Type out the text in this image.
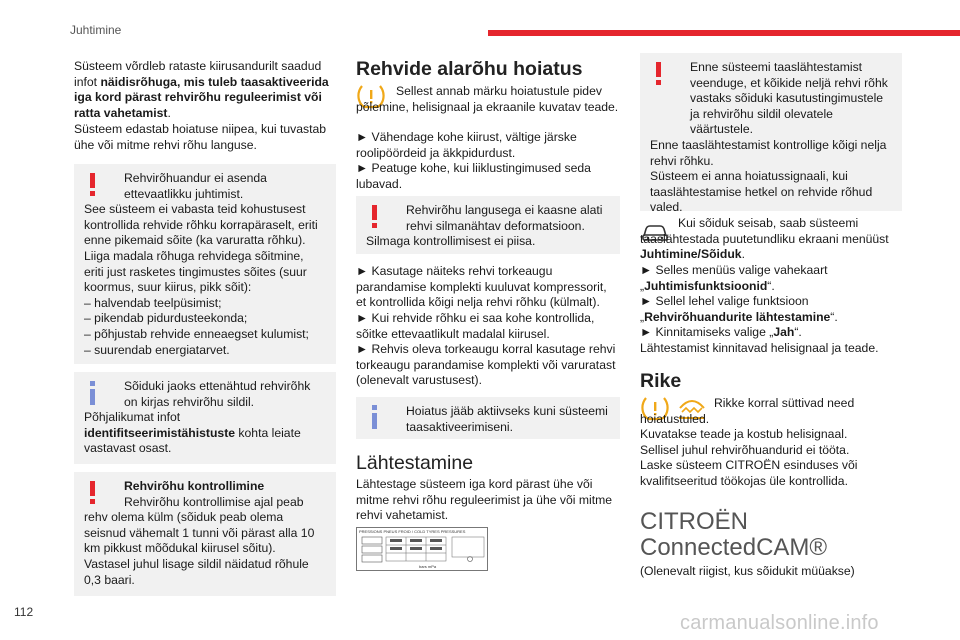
Juhtimine
112	carmanualsonline.info

Süsteem võrdleb rataste kiirusandurilt saadud infot näidisrõhuga, mis tuleb taasaktiveerida iga kord pärast rehvirõhu reguleerimist või ratta vahetamist.

Süsteem edastab hoiatuse niipea, kui tuvastab ühe või mitme rehvi rõhu languse.

Rehvirõhuandur ei asenda ettevaatlikku juhtimist.

See süsteem ei vabasta teid kohustusest kontrollida rehvide rõhku korrapäraselt, eriti enne pikemaid sõite (ka varuratta rõhku).

Liiga madala rõhuga rehvidega sõitmine, eriti just rasketes tingimustes sõites (suur koormus, suur kiirus, pikk sõit):

– halvendab teelpüsimist;

– pikendab pidurdusteekonda;

– põhjustab rehvide enneaegset kulumist;

– suurendab energiatarvet.

Sõiduki jaoks ettenähtud rehvirõhk on kirjas rehvirõhu sildil.

Põhjalikumat infot

identifitseerimistähistuste kohta leiate vastavast osast.

Rehvirõhu kontrollimine

Rehvirõhu kontrollimise ajal peab rehv olema külm (sõiduk peab olema seisnud vähemalt 1 tunni või pärast alla 10 km pikkust mõõdukal kiirusel sõitu).

Vastasel juhul lisage sildil näidatud rõhule 0,3 baari.

Rehvide alarõhu hoiatus

Sellest annab märku hoiatustule pidev põlemine, helisignaal ja ekraanile kuvatav teade.

► Vähendage kohe kiirust, vältige järske roolipöördeid ja äkkpidurdust.

► Peatuge kohe, kui liiklustingimused seda lubavad.

Rehvirõhu langusega ei kaasne alati rehvi silmanähtav deformatsioon.

Silmaga kontrollimisest ei piisa.

► Kasutage näiteks rehvi torkeaugu parandamise komplekti kuuluvat kompressorit, et kontrollida kõigi nelja rehvi rõhku (külmalt).

► Kui rehvide rõhku ei saa kohe kontrollida, sõitke ettevaatlikult madalal kiirusel.

► Rehvis oleva torkeaugu korral kasutage rehvi torkeaugu parandamise komplekti või varuratast (olenevalt varustusest).

Hoiatus jääb aktiivseks kuni süsteemi taasaktiveerimiseni.

Lähtestamine

Lähtestage süsteem iga kord pärast ühe või mitme rehvi rõhu reguleerimist ja ühe või mitme rehvi vahetamist.

PRESSIONS PNEUS FROID / COLD TYRES PRESSURES
bars mPa

Enne süsteemi taaslähtestamist veenduge, et kõikide neljä rehvi rõhk vastaks sõiduki kasutustingimustele ja rehvirõhu sildil olevatele väärtustele.

Enne taaslähtestamist kontrollige kõigi nelja rehvi rõhku.

Süsteem ei anna hoiatussignaali, kui taaslähtestamise hetkel on rehvide rõhud valed.

Kui sõiduk seisab, saab süsteemi taaslähtestada puutetundliku ekraani menüüst Juhtimine/Sõiduk.

► Selles menüüs valige vahekaart „Juhtimisfunktsioonid“.

► Sellel lehel valige funktsioon „Rehvirõhuandurite lähtestamine“.

► Kinnitamiseks valige „Jah“.

Lähtestamist kinnitavad helisignaal ja teade.

Rike

Rikke korral süttivad need hoiatustuled.

Kuvatakse teade ja kostub helisignaal.

Sellisel juhul rehvirõhuandurid ei tööta.

Laske süsteem CITROËN esinduses või kvalifitseeritud töökojas üle kontrollida.

CITROËN
ConnectedCAM®

(Olenevalt riigist, kus sõidukit müüakse)
